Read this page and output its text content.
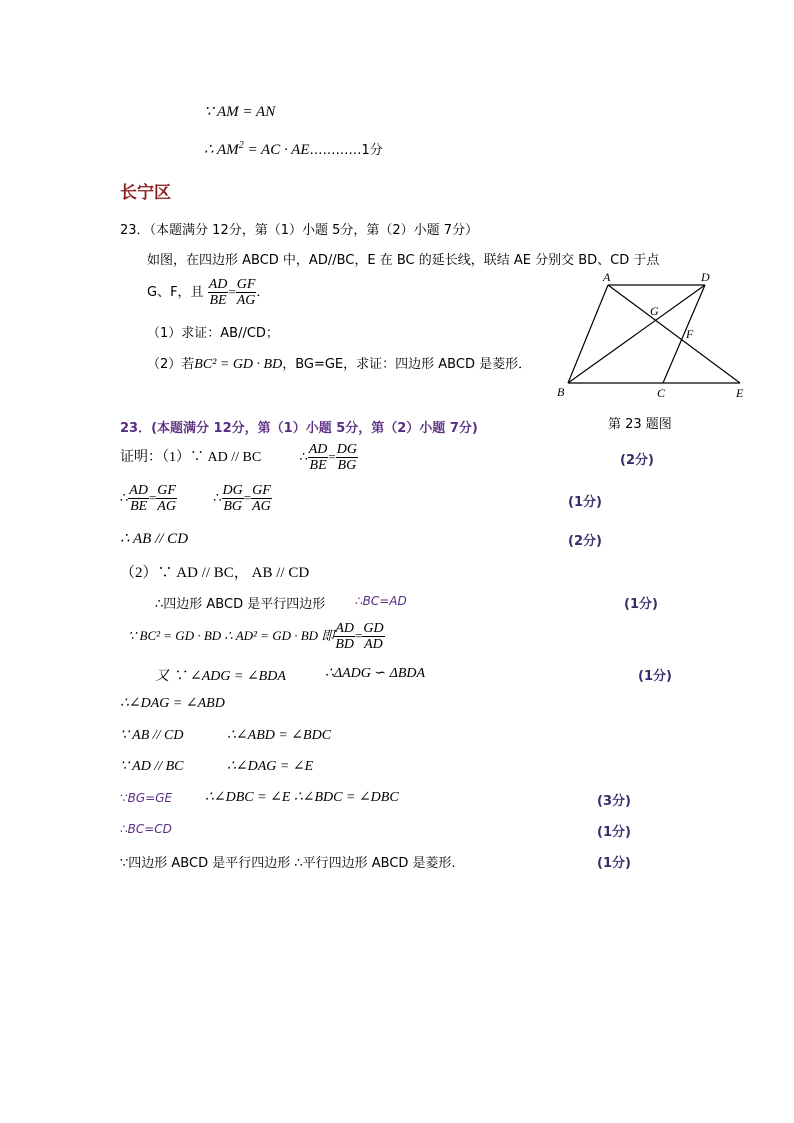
∵ AM = AN
∴ $AM^2$ = AC · AE…………1分
长宁区
23．（本题满分 12分，第（1）小题 5分，第（2）小题 7分）
如图，在四边形 ABCD 中，AD//BC，E 在 BC 的延长线，联结 AE 分别交 BD、CD 于点
G、F，且 $\frac{AD}{BE} = \frac{GF}{AG}$ ．
（1）求证：AB//CD；
（2）若BC² = GD · BD，BG=GE，求证：四边形 ABCD 是菱形．
A	D
G
F
B	C	E
第 23 题图
23．(本题满分 12分，第（1）小题 5分，第（2）小题 7分)
证明：（1）∵ AD // BC	∴ $\frac{AD}{BE} = \frac{DG}{BG}$	(2分)
∴ $\frac{AD}{BE} = \frac{GF}{AG}$	∴ $\frac{DG}{BG} = \frac{GF}{AG}$	(1分)
∴ AB // CD	(2分)
（2）∵ AD // BC， AB // CD
∴四边形 ABCD 是平行四边形 ∴BC=AD	(1分)
∵ BC² = GD · BD ∴ AD² = GD · BD 即 $\frac{AD}{BD} = \frac{GD}{AD}$
又 ∵ ∠ADG = ∠BDA	∴ΔADG ∽ ΔBDA	(1分)
∴∠DAG = ∠ABD
∵ AB // CD	∴∠ABD = ∠BDC
∵ AD // BC	∴∠DAG = ∠E
∵BG=GE ∴∠DBC = ∠E ∴∠BDC = ∠DBC	(3分)
∴BC=CD	(1分)
∵四边形 ABCD 是平行四边形 ∴平行四边形 ABCD 是菱形.	(1分)
